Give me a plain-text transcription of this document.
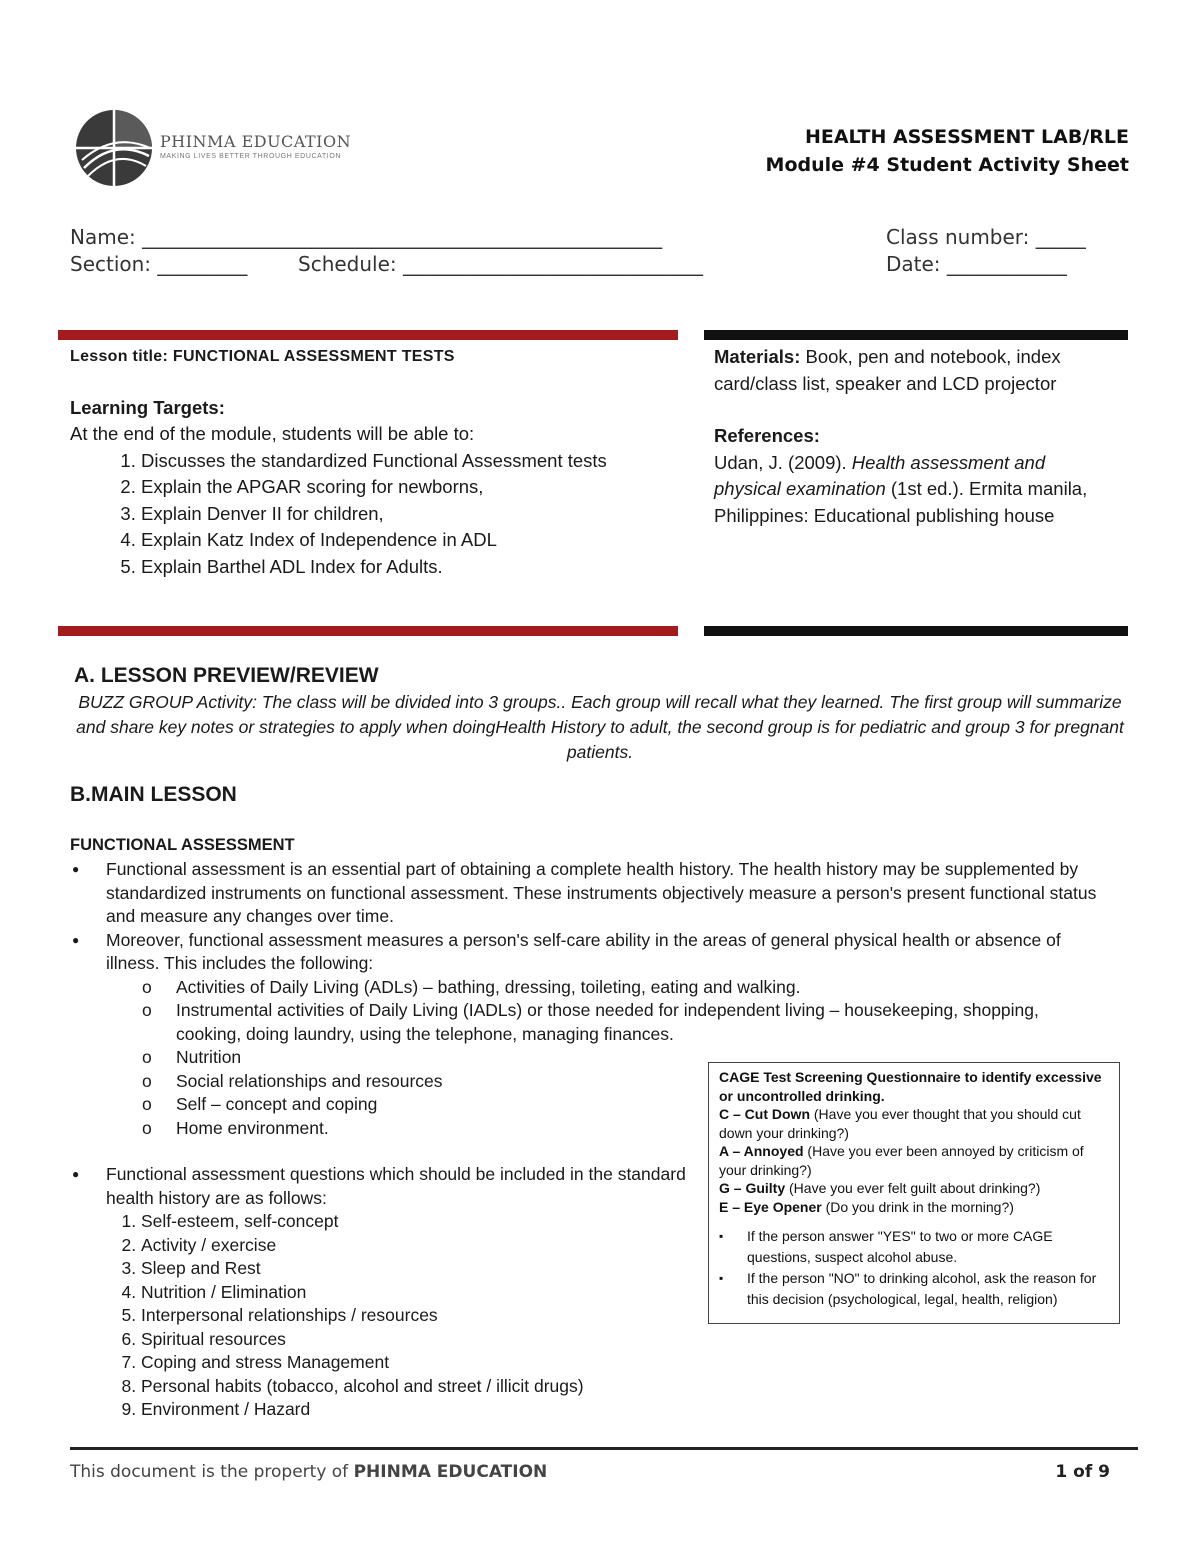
PHINMA EDUCATION
MAKING LIVES BETTER THROUGH EDUCATION
HEALTH ASSESSMENT LAB/RLE
Module #4 Student Activity Sheet
Name: ____________________________________________________	Class number: _____
Section: _________	Schedule: ______________________________	Date: ____________
Lesson title: FUNCTIONAL ASSESSMENT TESTS
Learning Targets:
At the end of the module, students will be able to:
1. Discusses the standardized Functional Assessment tests
2. Explain the APGAR scoring for newborns,
3. Explain Denver II for children,
4. Explain Katz Index of Independence in ADL
5. Explain Barthel ADL Index for Adults.
Materials: Book, pen and notebook, index card/class list, speaker and LCD projector
References:
Udan, J. (2009). Health assessment and physical examination (1st ed.). Ermita manila, Philippines: Educational publishing house
A. LESSON PREVIEW/REVIEW
BUZZ GROUP Activity: The class will be divided into 3 groups.. Each group will recall what they learned. The first group will summarize and share key notes or strategies to apply when doingHealth History to adult, the second group is for pediatric and group 3 for pregnant patients.
B.MAIN LESSON
FUNCTIONAL ASSESSMENT
● Functional assessment is an essential part of obtaining a complete health history. The health history may be supplemented by standardized instruments on functional assessment. These instruments objectively measure a person's present functional status and measure any changes over time.
● Moreover, functional assessment measures a person's self-care ability in the areas of general physical health or absence of illness. This includes the following:
o Activities of Daily Living (ADLs) – bathing, dressing, toileting, eating and walking.
o Instrumental activities of Daily Living (IADLs) or those needed for independent living – housekeeping, shopping, cooking, doing laundry, using the telephone, managing finances.
o Nutrition
o Social relationships and resources
o Self – concept and coping
o Home environment.
● Functional assessment questions which should be included in the standard health history are as follows:
1. Self-esteem, self-concept
2. Activity / exercise
3. Sleep and Rest
4. Nutrition / Elimination
5. Interpersonal relationships / resources
6. Spiritual resources
7. Coping and stress Management
8. Personal habits (tobacco, alcohol and street / illicit drugs)
9. Environment / Hazard
CAGE Test Screening Questionnaire to identify excessive or uncontrolled drinking.
C – Cut Down (Have you ever thought that you should cut down your drinking?)
A – Annoyed (Have you ever been annoyed by criticism of your drinking?)
G – Guilty (Have you ever felt guilt about drinking?)
E – Eye Opener (Do you drink in the morning?)
▪ If the person answer "YES" to two or more CAGE questions, suspect alcohol abuse.
▪ If the person "NO" to drinking alcohol, ask the reason for this decision (psychological, legal, health, religion)
This document is the property of PHINMA EDUCATION	1 of 9
